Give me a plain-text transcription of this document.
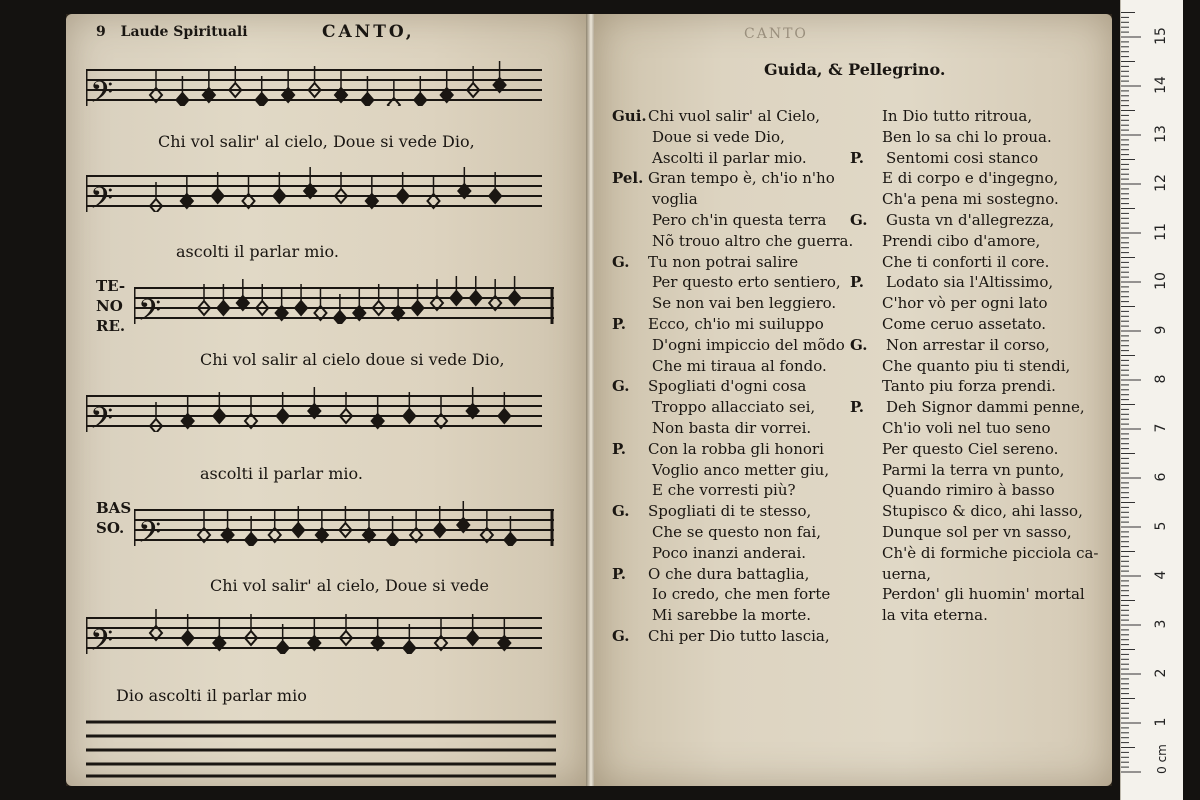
9 Laude Spirituali	CANTO,
𝄢
Chi vol salir' al cielo, Doue si vede Dio,
𝄢
ascolti il parlar mio.
TE-
NO
RE. 𝄢
Chi vol salir al cielo doue si vede Dio,
𝄢
ascolti il parlar mio.
BAS
SO. 𝄢
Chi vol salir' al cielo, Doue si vede
𝄢
Dio ascolti il parlar mio
CANTO
Guida, & Pellegrino.
Gui.Chi vuol salir' al Cielo,
Doue si vede Dio,
Ascolti il parlar mio.
Pel. Gran tempo è, ch'io n'ho
voglia
Pero ch'in questa terra
Nõ trouo altro che guerra.
G. Tu non potrai salire
Per questo erto sentiero,
Se non vai ben leggiero.
P. Ecco, ch'io mi suiluppo
D'ogni impiccio del mõdo
Che mi tiraua al fondo.
G. Spogliati d'ogni cosa
Troppo allacciato sei,
Non basta dir vorrei.
P. Con la robba gli honori
Voglio anco metter giu,
E che vorresti più?
G. Spogliati di te stesso,
Che se questo non fai,
Poco inanzi anderai.
P. O che dura battaglia,
Io credo, che men forte
Mi sarebbe la morte.
G. Chi per Dio tutto lascia,
In Dio tutto ritroua,
Ben lo sa chi lo proua.
P. Sentomi cosi stanco
E di corpo e d'ingegno,
Ch'a pena mi sostegno.
G. Gusta vn d'allegrezza,
Prendi cibo d'amore,
Che ti conforti il core.
P. Lodato sia l'Altissimo,
C'hor vò per ogni lato
Come ceruo assetato.
G. Non arrestar il corso,
Che quanto piu ti stendi,
Tanto piu forza prendi.
P. Deh Signor dammi penne,
Ch'io voli nel tuo seno
Per questo Ciel sereno.
Parmi la terra vn punto,
Quando rimiro à basso
Stupisco & dico, ahi lasso,
Dunque sol per vn sasso,
Ch'è di formiche picciola ca-
uerna,
Perdon' gli huomin' mortal
la vita eterna.
0 cm
1
2
3
4
5
6
7
8
9
10
11
12
13
14
15
